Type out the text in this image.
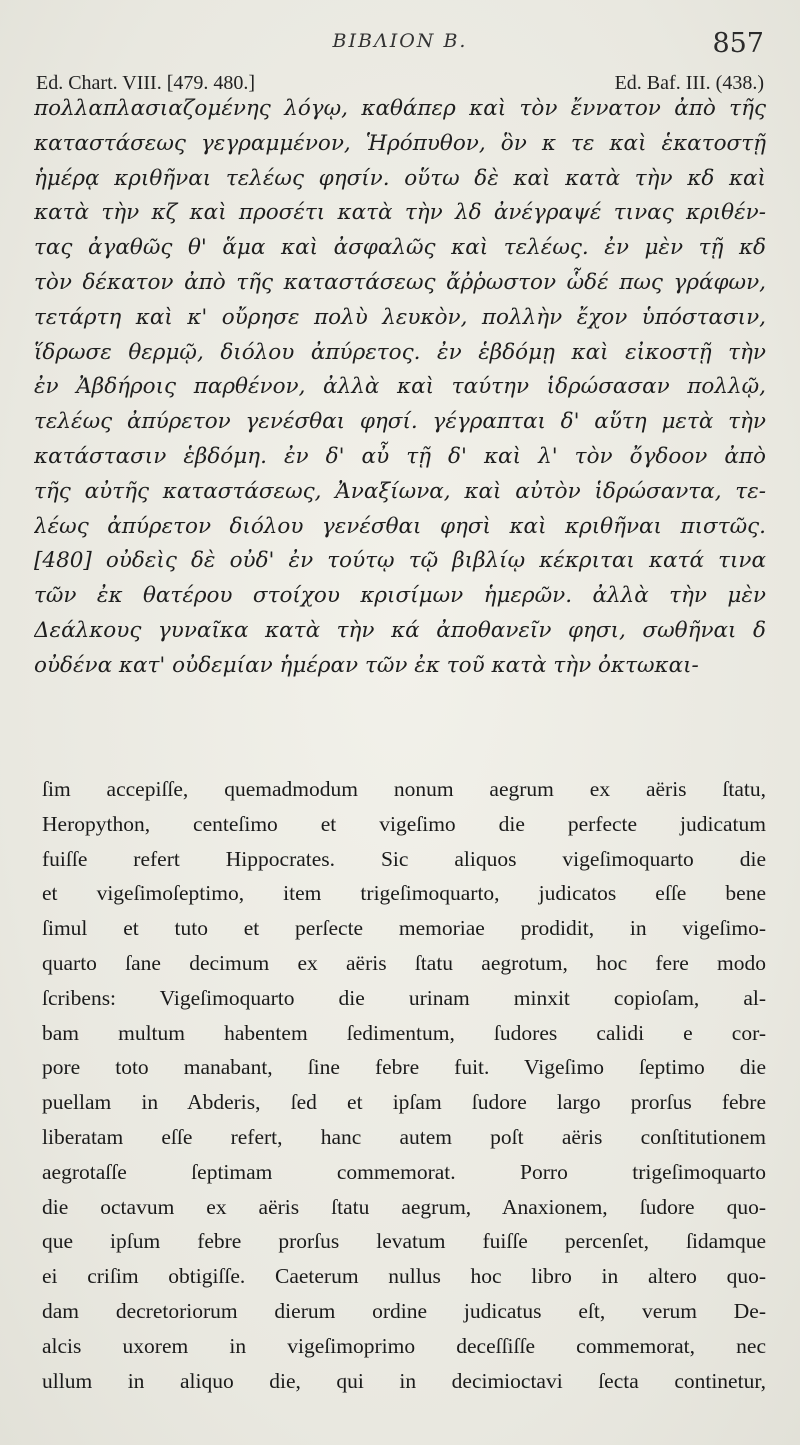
ΒΙΒΛΙΟΝ Β.	857
Ed. Chart. VIII. [479. 480.]	Ed. Baf. III. (438.)
πολλαπλασιαζομένης λόγῳ, καθάπερ καὶ τὸν ἔννατον ἀπὸ τῆς
καταστάσεως γεγραμμένον, Ἡρόπυθον, ὃν κ τε καὶ ἑκατοστῇ
ἡμέρᾳ κριθῆναι τελέως φησίν. οὕτω δὲ καὶ κατὰ τὴν κδ καὶ
κατὰ τὴν κζ καὶ προσέτι κατὰ τὴν λδ ἀνέγραψέ τινας κριθέν-
τας ἀγαθῶς θ' ἅμα καὶ ἀσφαλῶς καὶ τελέως. ἐν μὲν τῇ κδ
τὸν δέκατον ἀπὸ τῆς καταστάσεως ἄῤῥωστον ὧδέ πως γράφων,
τετάρτη καὶ κ' οὔρησε πολὺ λευκὸν, πολλὴν ἔχον ὑπόστασιν,
ἵδρωσε θερμῷ, διόλου ἀπύρετος. ἐν ἑβδόμῃ καὶ εἰκοστῇ τὴν
ἐν Ἀβδήροις παρθένον, ἀλλὰ καὶ ταύτην ἱδρώσασαν πολλῷ,
τελέως ἀπύρετον γενέσθαι φησί. γέγραπται δ' αὕτη μετὰ τὴν
κατάστασιν ἑβδόμη. ἐν δ' αὖ τῇ δ' καὶ λ' τὸν ὄγδοον ἀπὸ
τῆς αὐτῆς καταστάσεως, Ἀναξίωνα, καὶ αὐτὸν ἱδρώσαντα, τε-
λέως ἀπύρετον διόλου γενέσθαι φησὶ καὶ κριθῆναι πιστῶς.
[480] οὐδεὶς δὲ οὐδ' ἐν τούτῳ τῷ βιβλίῳ κέκριται κατά τινα
τῶν ἐκ θατέρου στοίχου κρισίμων ἡμερῶν. ἀλλὰ τὴν μὲν
Δεάλκους γυναῖκα κατὰ τὴν κά ἀποθανεῖν φησι, σωθῆναι δ
οὐδένα κατ' οὐδεμίαν ἡμέραν τῶν ἐκ τοῦ κατὰ τὴν ὀκτωκαι-
ſim accepiſſe, quemadmodum nonum aegrum ex aëris ſtatu,
Heropython, centeſimo et vigeſimo die perfecte judicatum
fuiſſe refert Hippocrates. Sic aliquos vigeſimoquarto die
et vigeſimoſeptimo, item trigeſimoquarto, judicatos eſſe bene
ſimul et tuto et perſecte memoriae prodidit, in vigeſimo-
quarto ſane decimum ex aëris ſtatu aegrotum, hoc fere modo
ſcribens: Vigeſimoquarto die urinam minxit copioſam, al-
bam multum habentem ſedimentum, ſudores calidi e cor-
pore toto manabant, ſine febre fuit. Vigeſimo ſeptimo die
puellam in Abderis, ſed et ipſam ſudore largo prorſus febre
liberatam eſſe refert, hanc autem poſt aëris conſtitutionem
aegrotaſſe ſeptimam commemorat. Porro trigeſimoquarto
die octavum ex aëris ſtatu aegrum, Anaxionem, ſudore quo-
que ipſum febre prorſus levatum fuiſſe percenſet, ſidamque
ei criſim obtigiſſe. Caeterum nullus hoc libro in altero quo-
dam decretoriorum dierum ordine judicatus eſt, verum De-
alcis uxorem in vigeſimoprimo deceſſiſſe commemorat, nec
ullum in aliquo die, qui in decimioctavi ſecta continetur,
